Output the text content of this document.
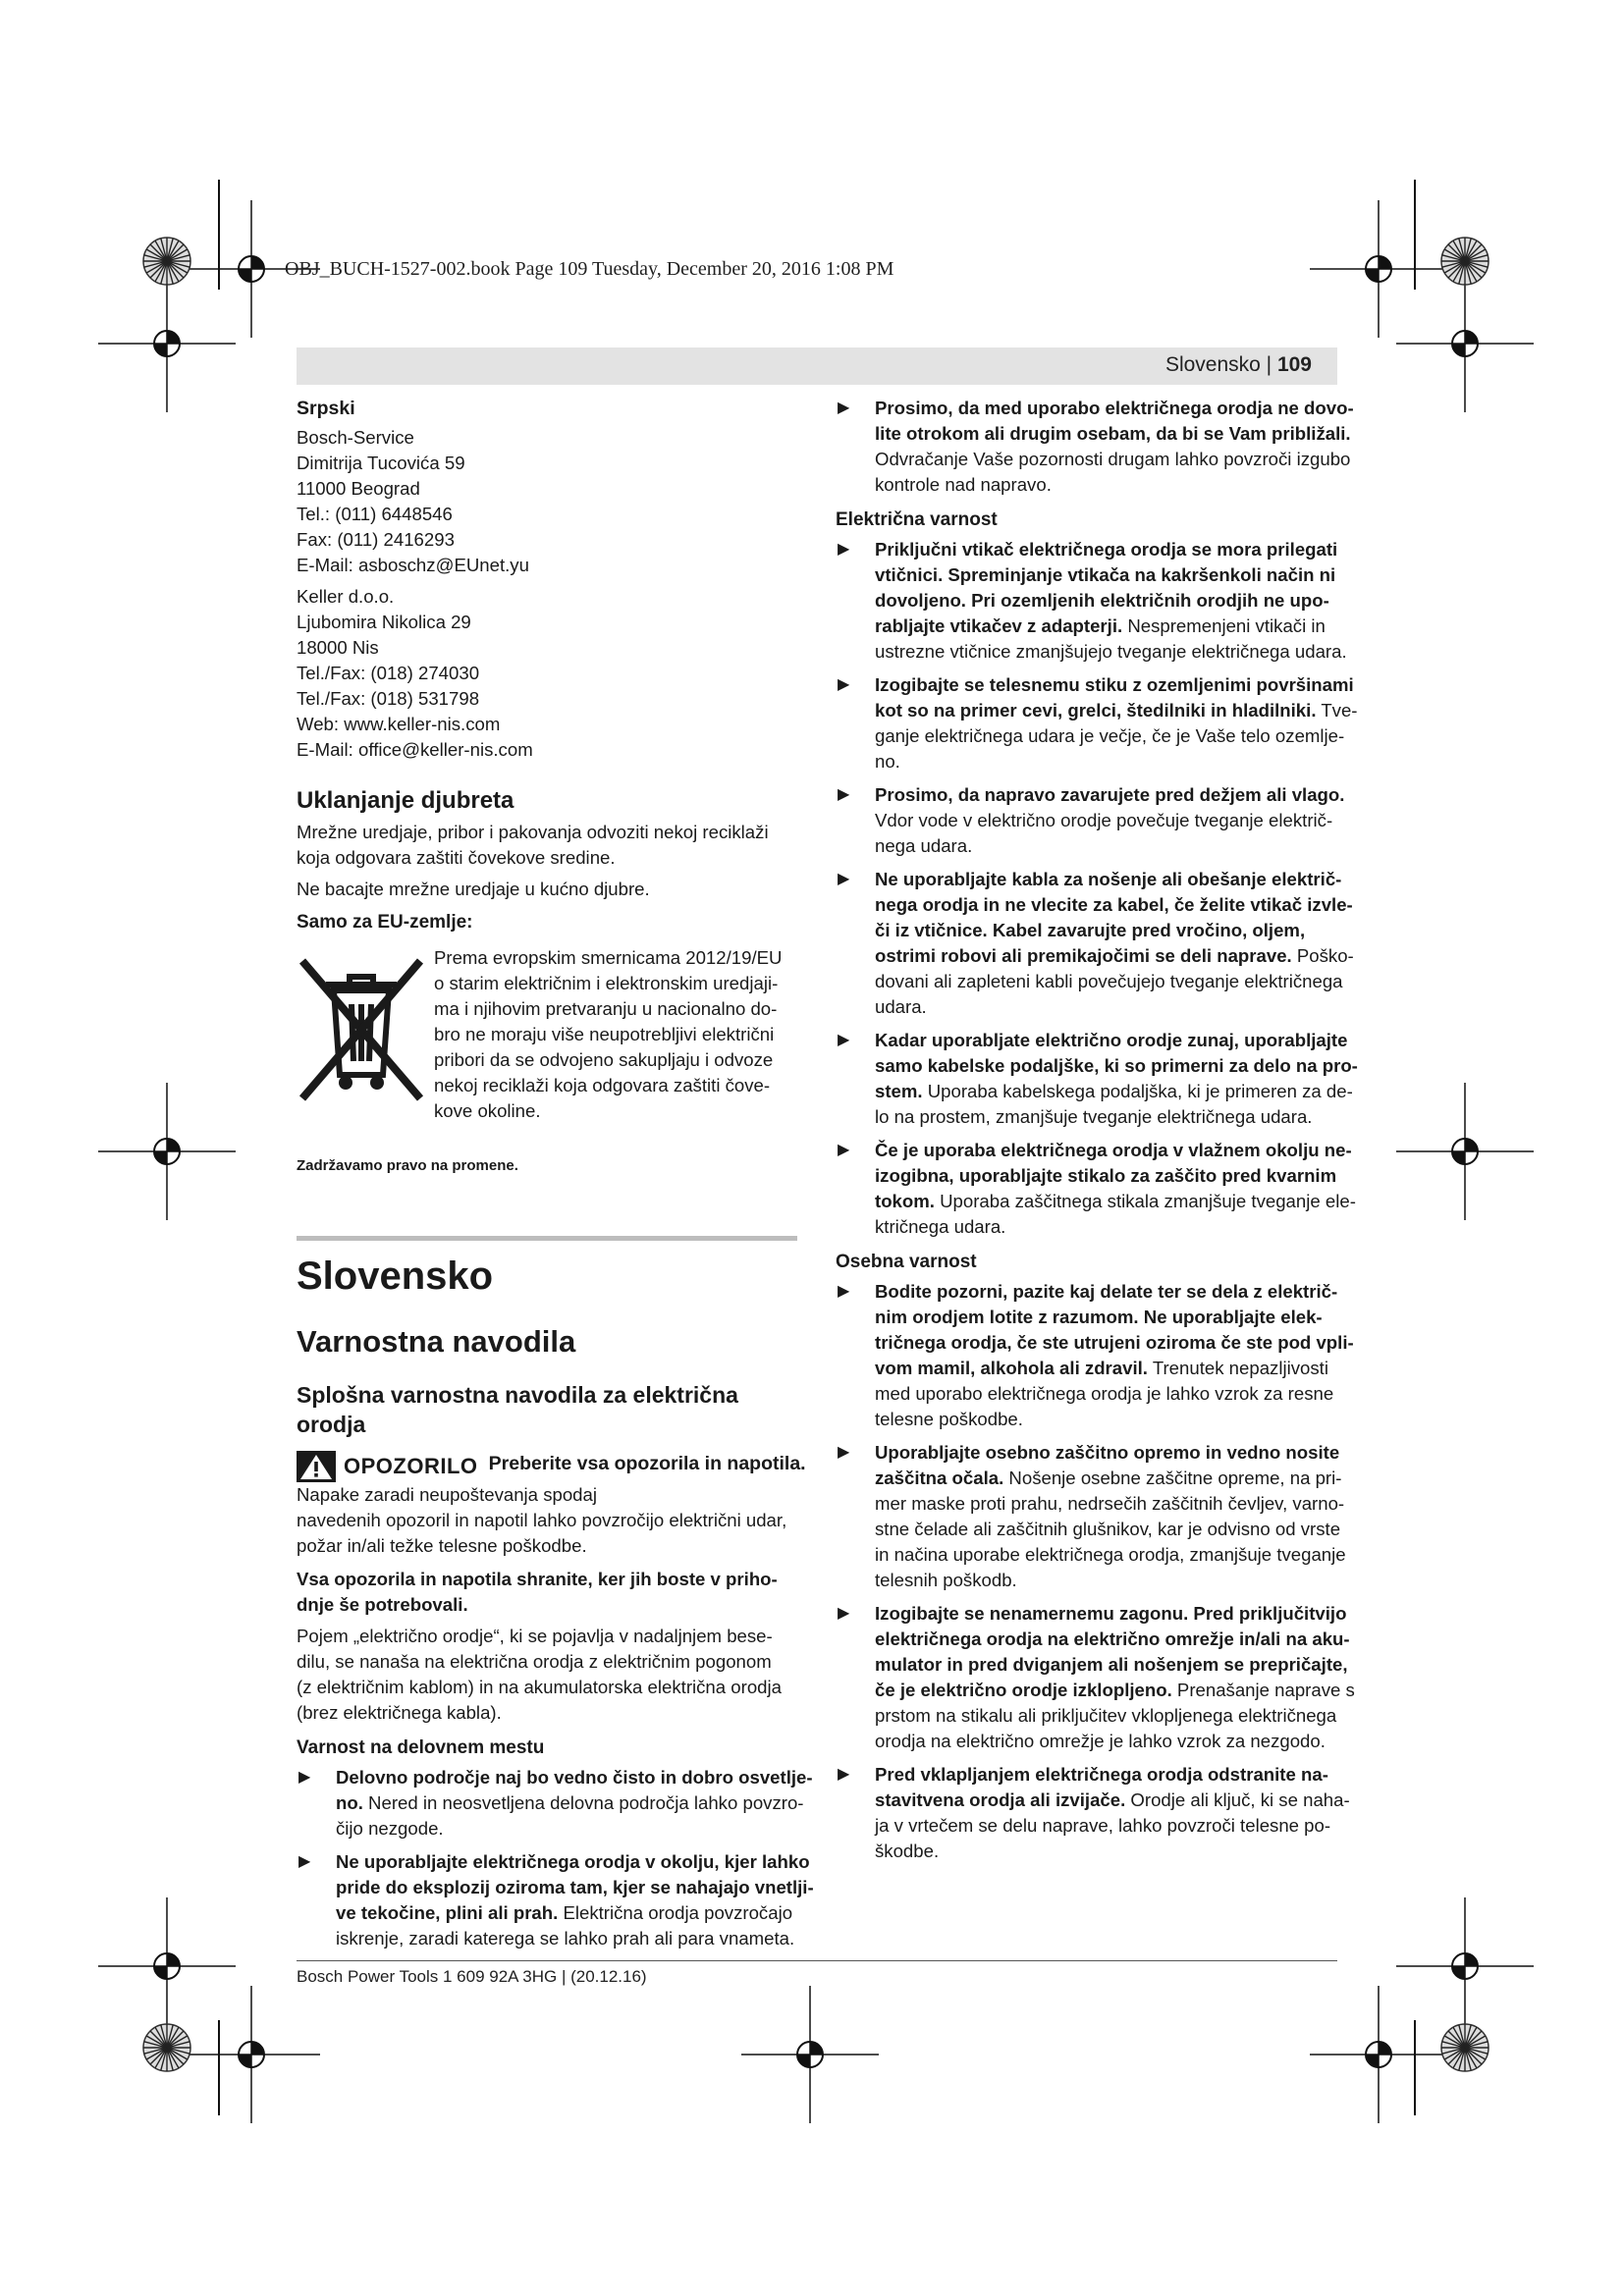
OBJ_BUCH-1527-002.book Page 109 Tuesday, December 20, 2016 1:08 PM
Slovensko | 109
Srpski
Bosch-Service
Dimitrija Tucovića 59
11000 Beograd
Tel.: (011) 6448546
Fax: (011) 2416293
E-Mail: asboschz@EUnet.yu
Keller d.o.o.
Ljubomira Nikolica 29
18000 Nis
Tel./Fax: (018) 274030
Tel./Fax: (018) 531798
Web: www.keller-nis.com
E-Mail: office@keller-nis.com
Uklanjanje djubreta
Mrežne uredjaje, pribor i pakovanja odvoziti nekoj reciklaži
koja odgovara zaštiti čovekove sredine.
Ne bacajte mrežne uredjaje u kućno djubre.
Samo za EU-zemlje:
Prema evropskim smernicama 2012/19/EU
o starim električnim i elektronskim uredjaji-
ma i njihovim pretvaranju u nacionalno do-
bro ne moraju više neupotrebljivi električni
pribori da se odvojeno sakupljaju i odvoze
nekoj reciklaži koja odgovara zaštiti čove-
kove okoline.
Zadržavamo pravo na promene.
Slovensko
Varnostna navodila
Splošna varnostna navodila za električna orodja
OPOZORILO Preberite vsa opozorila in napotila.
Napake zaradi neupoštevanja spodaj
navedenih opozoril in napotil lahko povzročijo električni udar,
požar in/ali težke telesne poškodbe.
Vsa opozorila in napotila shranite, ker jih boste v priho-
dnje še potrebovali.
Pojem „električno orodje“, ki se pojavlja v nadaljnjem bese-
dilu, se nanaša na električna orodja z električnim pogonom
(z električnim kablom) in na akumulatorska električna orodja
(brez električnega kabla).
Varnost na delovnem mestu
▶ Delovno področje naj bo vedno čisto in dobro osvetlje-
no. Nered in neosvetljena delovna področja lahko povzro-
čijo nezgode.
▶ Ne uporabljajte električnega orodja v okolju, kjer lahko
pride do eksplozij oziroma tam, kjer se nahajajo vnetlji-
ve tekočine, plini ali prah. Električna orodja povzročajo
iskrenje, zaradi katerega se lahko prah ali para vnameta.
▶ Prosimo, da med uporabo električnega orodja ne dovo-
lite otrokom ali drugim osebam, da bi se Vam približali.
Odvračanje Vaše pozornosti drugam lahko povzroči izgubo
kontrole nad napravo.
Električna varnost
▶ Priključni vtikač električnega orodja se mora prilegati
vtičnici. Spreminjanje vtikača na kakršenkoli način ni
dovoljeno. Pri ozemljenih električnih orodjih ne upo-
rabljajte vtikačev z adapterji. Nespremenjeni vtikači in
ustrezne vtičnice zmanjšujejo tveganje električnega udara.
▶ Izogibajte se telesnemu stiku z ozemljenimi površinami
kot so na primer cevi, grelci, štedilniki in hladilniki. Tve-
ganje električnega udara je večje, če je Vaše telo ozemlje-
no.
▶ Prosimo, da napravo zavarujete pred dežjem ali vlago.
Vdor vode v električno orodje povečuje tveganje električ-
nega udara.
▶ Ne uporabljajte kabla za nošenje ali obešanje električ-
nega orodja in ne vlecite za kabel, če želite vtikač izvle-
či iz vtičnice. Kabel zavarujte pred vročino, oljem,
ostrimi robovi ali premikajočimi se deli naprave. Poško-
dovani ali zapleteni kabli povečujejo tveganje električnega
udara.
▶ Kadar uporabljate električno orodje zunaj, uporabljajte
samo kabelske podaljške, ki so primerni za delo na pro-
stem. Uporaba kabelskega podaljška, ki je primeren za de-
lo na prostem, zmanjšuje tveganje električnega udara.
▶ Če je uporaba električnega orodja v vlažnem okolju ne-
izogibna, uporabljajte stikalo za zaščito pred kvarnim
tokom. Uporaba zaščitnega stikala zmanjšuje tveganje ele-
ktričnega udara.
Osebna varnost
▶ Bodite pozorni, pazite kaj delate ter se dela z električ-
nim orodjem lotite z razumom. Ne uporabljajte elek-
tričnega orodja, če ste utrujeni oziroma če ste pod vpli-
vom mamil, alkohola ali zdravil. Trenutek nepazljivosti
med uporabo električnega orodja je lahko vzrok za resne
telesne poškodbe.
▶ Uporabljajte osebno zaščitno opremo in vedno nosite
zaščitna očala. Nošenje osebne zaščitne opreme, na pri-
mer maske proti prahu, nedrsečih zaščitnih čevljev, varno-
stne čelade ali zaščitnih glušnikov, kar je odvisno od vrste
in načina uporabe električnega orodja, zmanjšuje tveganje
telesnih poškodb.
▶ Izogibajte se nenamernemu zagonu. Pred priključitvijo
električnega orodja na električno omrežje in/ali na aku-
mulator in pred dviganjem ali nošenjem se prepričajte,
če je električno orodje izklopljeno. Prenašanje naprave s
prstom na stikalu ali priključitev vklopljenega električnega
orodja na električno omrežje je lahko vzrok za nezgodo.
▶ Pred vklapljanjem električnega orodja odstranite na-
stavitvena orodja ali izvijače. Orodje ali ključ, ki se naha-
ja v vrtečem se delu naprave, lahko povzroči telesne po-
škodbe.
Bosch Power Tools 1 609 92A 3HG | (20.12.16)
